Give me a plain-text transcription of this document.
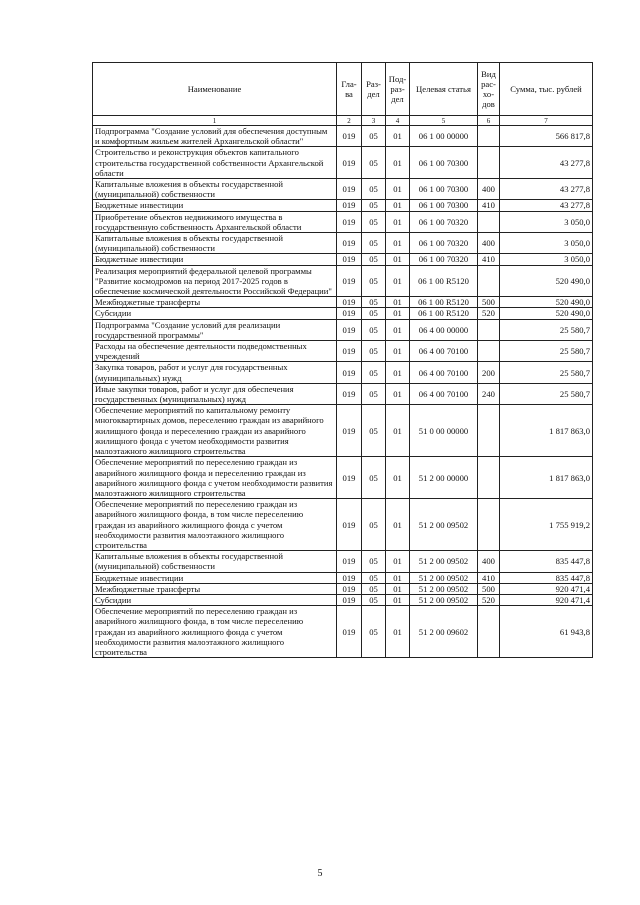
Наименование	Гла-ва	Раз-дел	Под-раз-дел	Целевая статья	Вид рас-хо-дов	Сумма, тыс. рублей
1	2	3	4	5	6	7
Подпрограмма "Создание условий для обеспечения доступным и комфортным жильем жителей Архангельской области"	019	05	01	06 1 00 00000		566 817,8
Строительство и реконструкция объектов капитального строительства государственной собственности Архангельской области	019	05	01	06 1 00 70300		43 277,8
Капитальные вложения в объекты государственной (муниципальной) собственности	019	05	01	06 1 00 70300	400	43 277,8
Бюджетные инвестиции	019	05	01	06 1 00 70300	410	43 277,8
Приобретение объектов недвижимого имущества в государственную собственность Архангельской области	019	05	01	06 1 00 70320		3 050,0
Капитальные вложения в объекты государственной (муниципальной) собственности	019	05	01	06 1 00 70320	400	3 050,0
Бюджетные инвестиции	019	05	01	06 1 00 70320	410	3 050,0
Реализация мероприятий федеральной целевой программы "Развитие космодромов на период 2017-2025 годов в обеспечение космической деятельности Российской Федерации"	019	05	01	06 1 00 R5120		520 490,0
Межбюджетные трансферты	019	05	01	06 1 00 R5120	500	520 490,0
Субсидии	019	05	01	06 1 00 R5120	520	520 490,0
Подпрограмма "Создание условий для реализации государственной программы"	019	05	01	06 4 00 00000		25 580,7
Расходы на обеспечение деятельности подведомственных учреждений	019	05	01	06 4 00 70100		25 580,7
Закупка товаров, работ и услуг для государственных (муниципальных) нужд	019	05	01	06 4 00 70100	200	25 580,7
Иные закупки товаров, работ и услуг для обеспечения государственных (муниципальных) нужд	019	05	01	06 4 00 70100	240	25 580,7
Обеспечение мероприятий по капитальному ремонту многоквартирных домов, переселению граждан из аварийного жилищного фонда и переселению граждан из аварийного жилищного фонда с учетом необходимости развития малоэтажного жилищного строительства	019	05	01	51 0 00 00000		1 817 863,0
Обеспечение мероприятий по переселению граждан из аварийного жилищного фонда и переселению граждан из аварийного жилищного фонда с учетом необходимости развития малоэтажного жилищного строительства	019	05	01	51 2 00 00000		1 817 863,0
Обеспечение мероприятий по переселению граждан из аварийного жилищного фонда, в том числе переселению граждан из аварийного жилищного фонда с учетом необходимости развития малоэтажного жилищного строительства	019	05	01	51 2 00 09502		1 755 919,2
Капитальные вложения в объекты государственной (муниципальной) собственности	019	05	01	51 2 00 09502	400	835 447,8
Бюджетные инвестиции	019	05	01	51 2 00 09502	410	835 447,8
Межбюджетные трансферты	019	05	01	51 2 00 09502	500	920 471,4
Субсидии	019	05	01	51 2 00 09502	520	920 471,4
Обеспечение мероприятий по переселению граждан из аварийного жилищного фонда, в том числе переселению граждан из аварийного жилищного фонда с учетом необходимости развития малоэтажного жилищного строительства	019	05	01	51 2 00 09602		61 943,8
5
